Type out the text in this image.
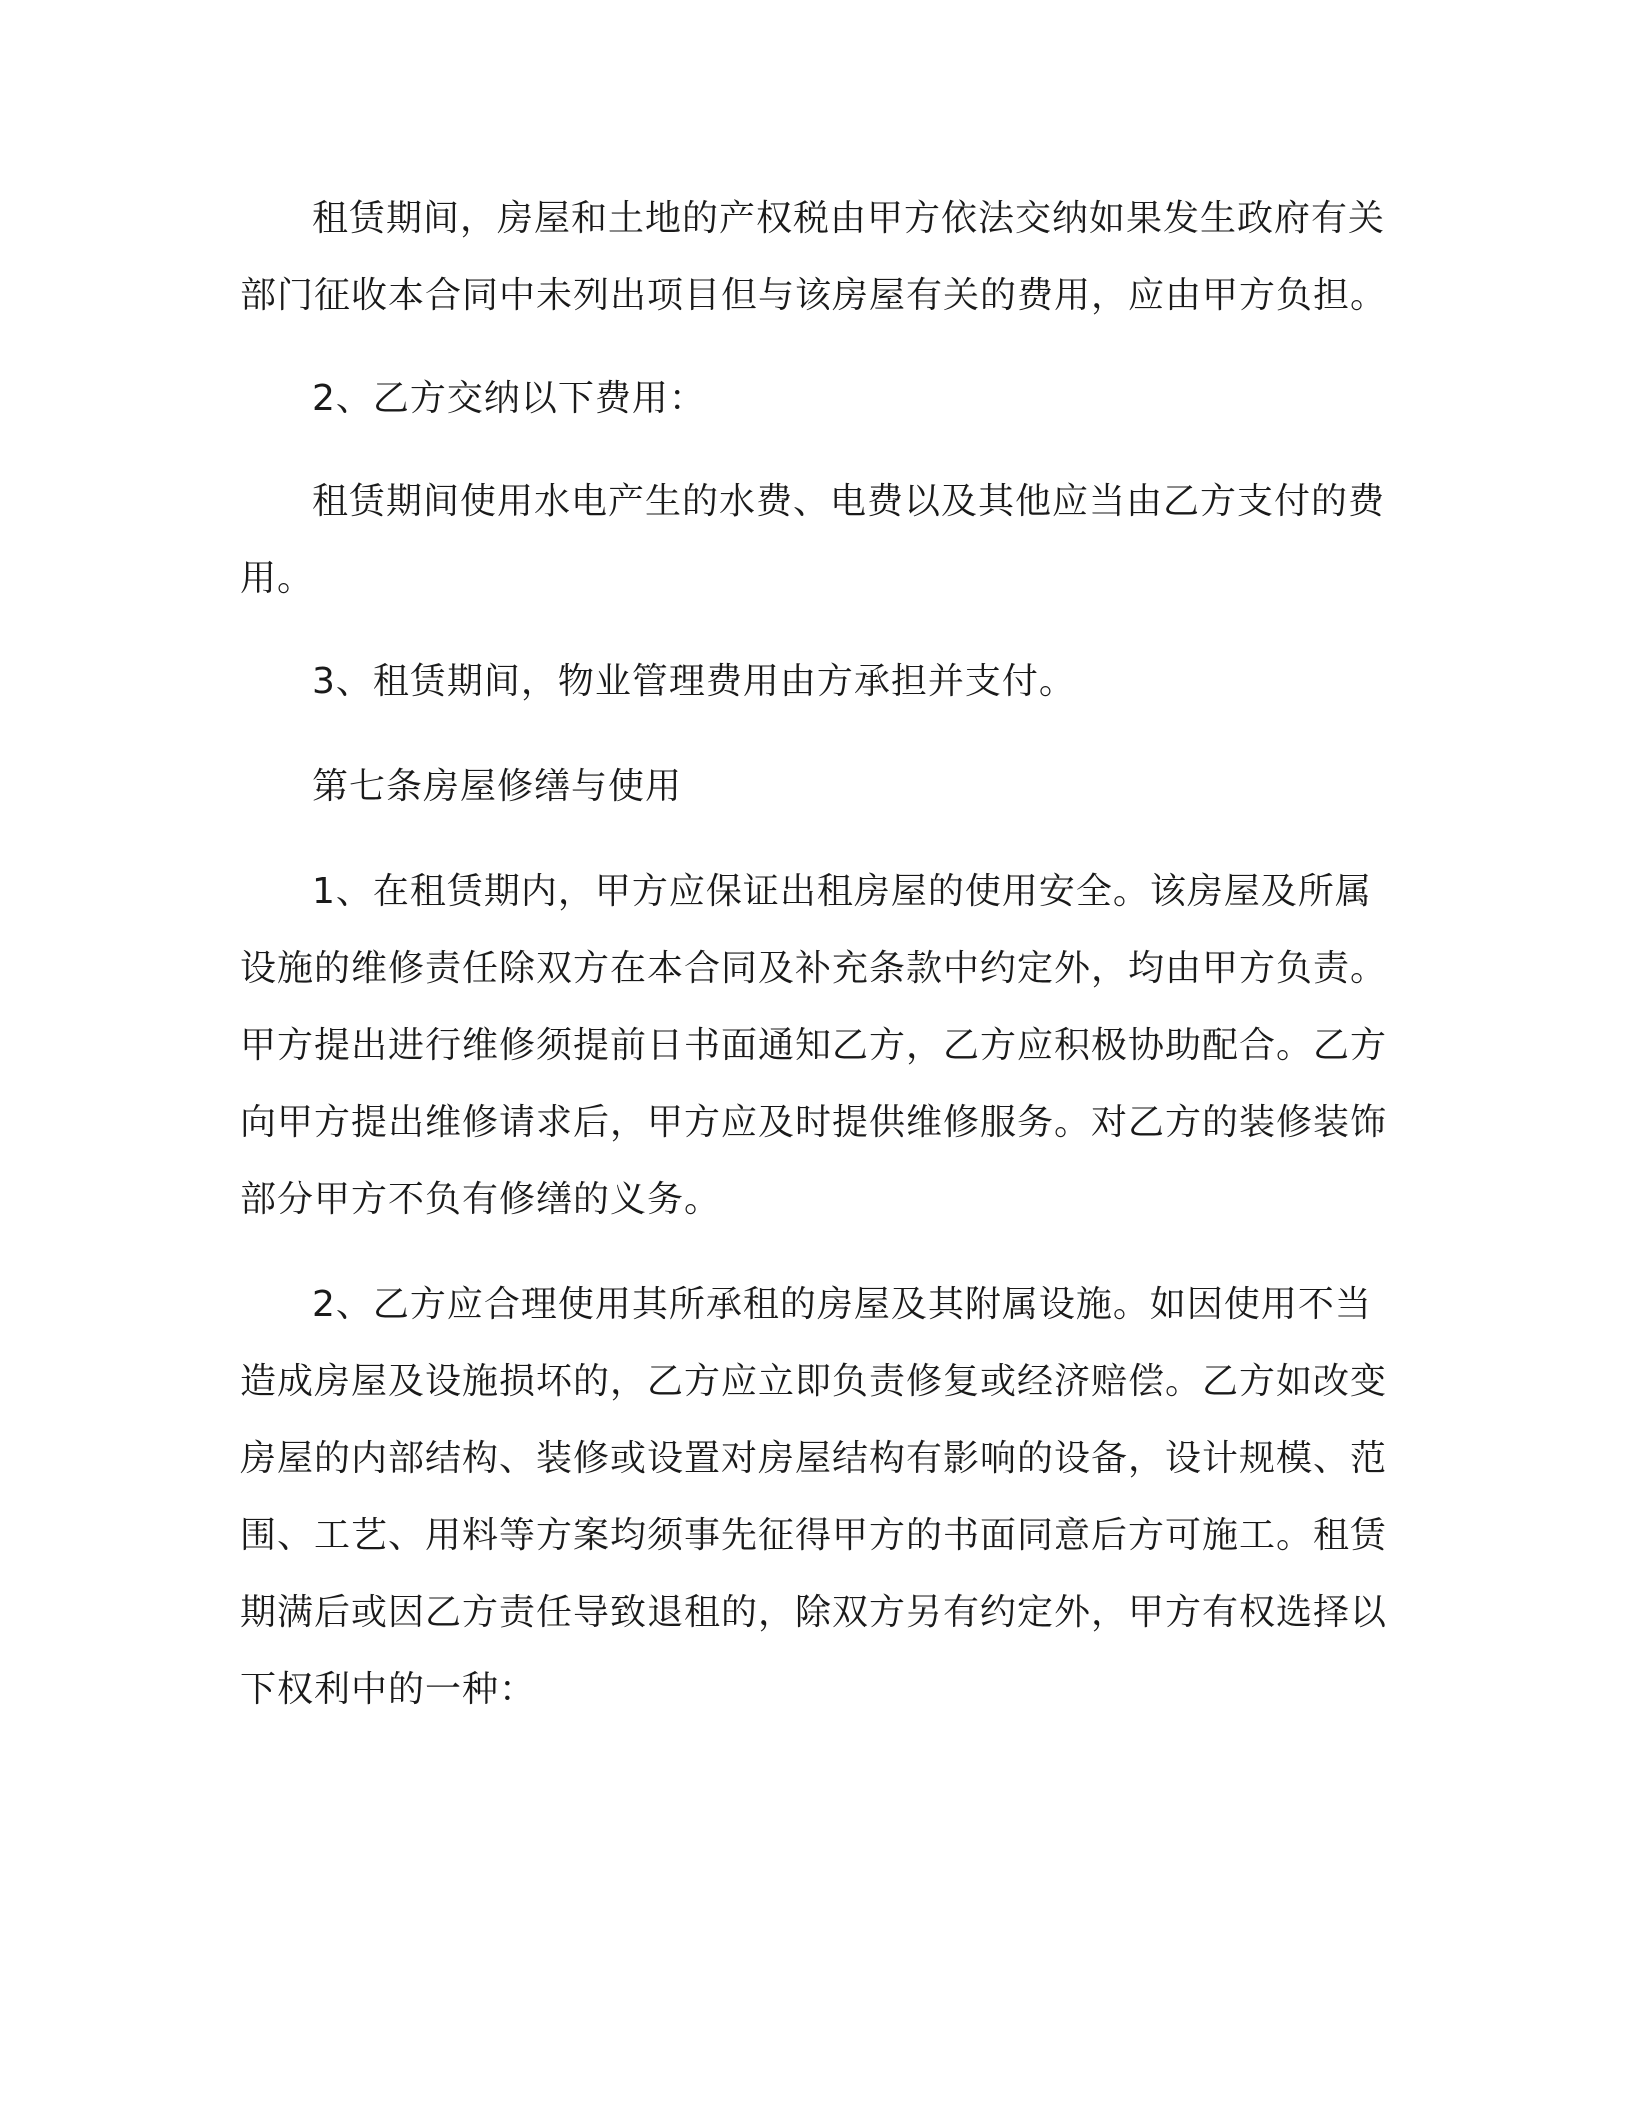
租赁期间，房屋和土地的产权税由甲方依法交纳如果发生政府有关部门征收本合同中未列出项目但与该房屋有关的费用，应由甲方负担。

2、乙方交纳以下费用：

租赁期间使用水电产生的水费、电费以及其他应当由乙方支付的费用。

3、租赁期间，物业管理费用由方承担并支付。

第七条房屋修缮与使用

1、在租赁期内，甲方应保证出租房屋的使用安全。该房屋及所属设施的维修责任除双方在本合同及补充条款中约定外，均由甲方负责。甲方提出进行维修须提前日书面通知乙方，乙方应积极协助配合。乙方向甲方提出维修请求后，甲方应及时提供维修服务。对乙方的装修装饰部分甲方不负有修缮的义务。

2、乙方应合理使用其所承租的房屋及其附属设施。如因使用不当造成房屋及设施损坏的，乙方应立即负责修复或经济赔偿。乙方如改变房屋的内部结构、装修或设置对房屋结构有影响的设备，设计规模、范围、工艺、用料等方案均须事先征得甲方的书面同意后方可施工。租赁期满后或因乙方责任导致退租的，除双方另有约定外，甲方有权选择以下权利中的一种：
